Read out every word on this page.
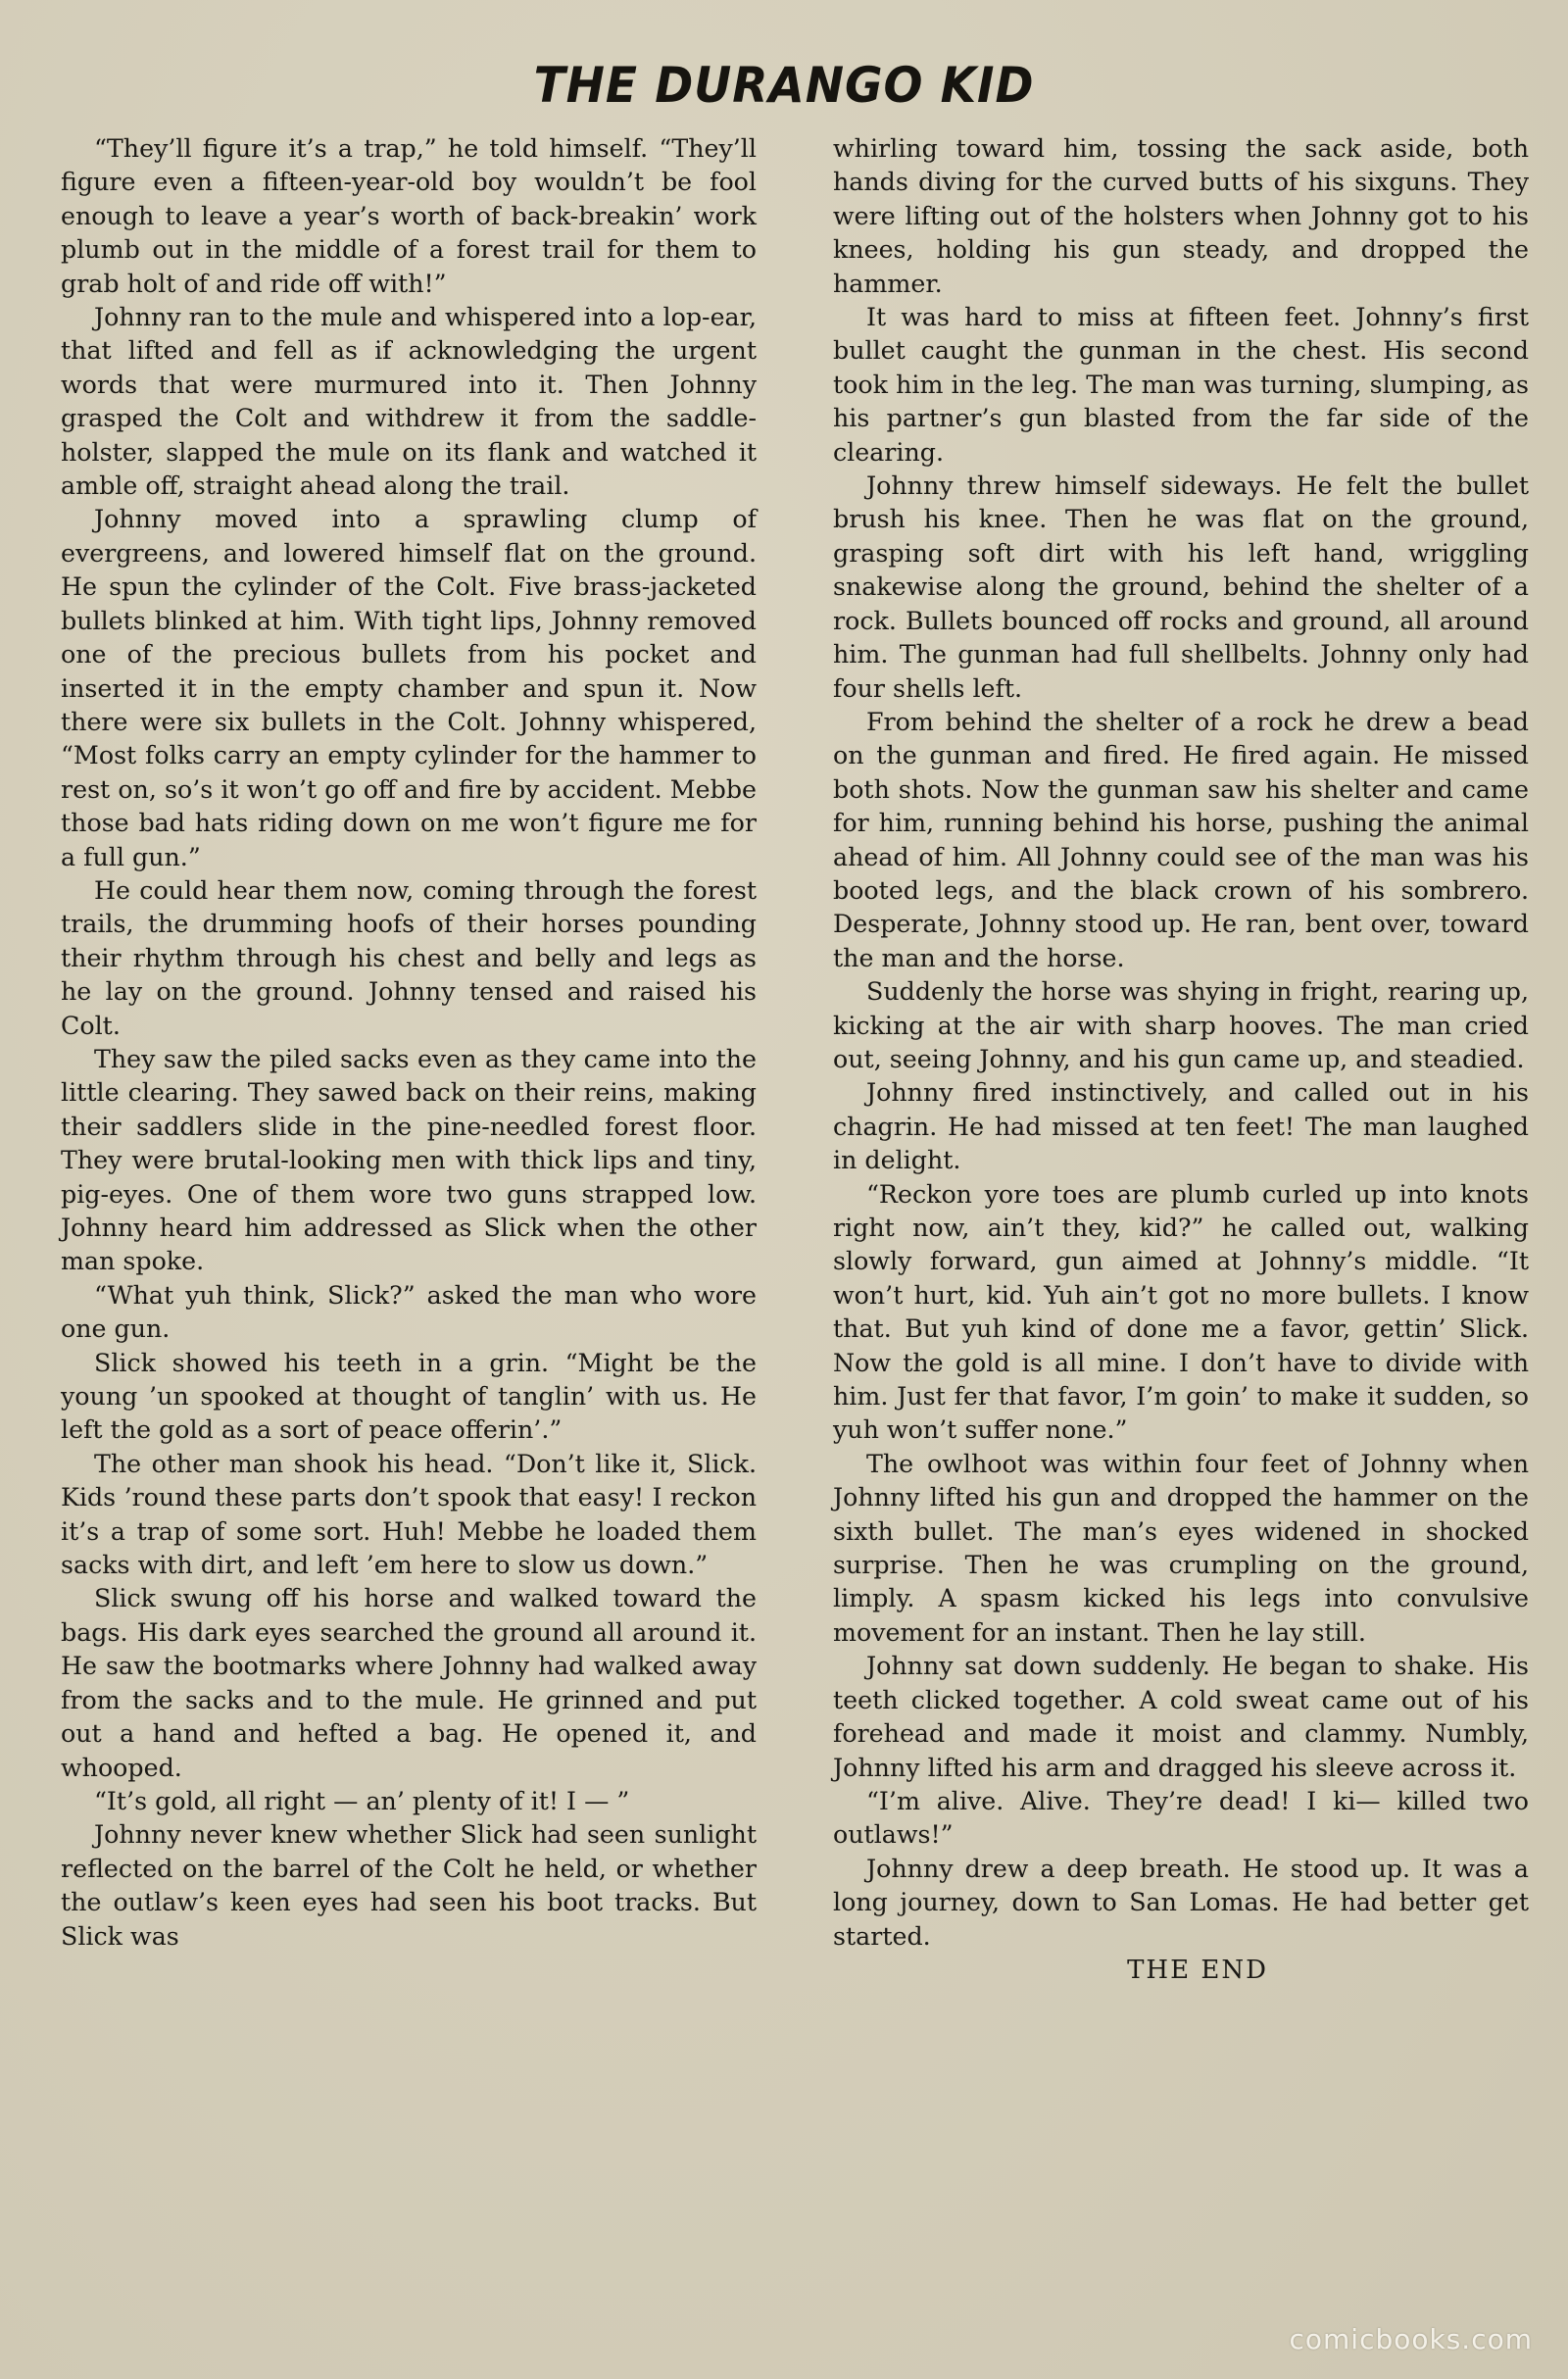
THE DURANGO KID

“They’ll figure it’s a trap,” he told himself. “They’ll figure even a fifteen-year-old boy wouldn’t be fool enough to leave a year’s worth of back-breakin’ work plumb out in the middle of a forest trail for them to grab holt of and ride off with!”

Johnny ran to the mule and whispered into a lop-ear, that lifted and fell as if acknowledging the urgent words that were murmured into it. Then Johnny grasped the Colt and withdrew it from the saddleholster, slapped the mule on its flank and watched it amble off, straight ahead along the trail.

Johnny moved into a sprawling clump of evergreens, and lowered himself flat on the ground. He spun the cylinder of the Colt. Five brass-jacketed bullets blinked at him. With tight lips, Johnny removed one of the precious bullets from his pocket and inserted it in the empty chamber and spun it. Now there were six bullets in the Colt. Johnny whispered, “Most folks carry an empty cylinder for the hammer to rest on, so’s it won’t go off and fire by accident. Mebbe those bad hats riding down on me won’t figure me for a full gun.”

He could hear them now, coming through the forest trails, the drumming hoofs of their horses pounding their rhythm through his chest and belly and legs as he lay on the ground. Johnny tensed and raised his Colt.

They saw the piled sacks even as they came into the little clearing. They sawed back on their reins, making their saddlers slide in the pine-needled forest floor. They were brutal-looking men with thick lips and tiny, pig-eyes. One of them wore two guns strapped low. Johnny heard him addressed as Slick when the other man spoke.

“What yuh think, Slick?” asked the man who wore one gun.

Slick showed his teeth in a grin. “Might be the young ’un spooked at thought of tanglin’ with us. He left the gold as a sort of peace offerin’.”

The other man shook his head. “Don’t like it, Slick. Kids ’round these parts don’t spook that easy! I reckon it’s a trap of some sort. Huh! Mebbe he loaded them sacks with dirt, and left ’em here to slow us down.”

Slick swung off his horse and walked toward the bags. His dark eyes searched the ground all around it. He saw the bootmarks where Johnny had walked away from the sacks and to the mule. He grinned and put out a hand and hefted a bag. He opened it, and whooped.

“It’s gold, all right — an’ plenty of it! I — ”

Johnny never knew whether Slick had seen sunlight reflected on the barrel of the Colt he held, or whether the outlaw’s keen eyes had seen his boot tracks. But Slick was

whirling toward him, tossing the sack aside, both hands diving for the curved butts of his sixguns. They were lifting out of the holsters when Johnny got to his knees, holding his gun steady, and dropped the hammer.

It was hard to miss at fifteen feet. Johnny’s first bullet caught the gunman in the chest. His second took him in the leg. The man was turning, slumping, as his partner’s gun blasted from the far side of the clearing.

Johnny threw himself sideways. He felt the bullet brush his knee. Then he was flat on the ground, grasping soft dirt with his left hand, wriggling snakewise along the ground, behind the shelter of a rock. Bullets bounced off rocks and ground, all around him. The gunman had full shellbelts. Johnny only had four shells left.

From behind the shelter of a rock he drew a bead on the gunman and fired. He fired again. He missed both shots. Now the gunman saw his shelter and came for him, running behind his horse, pushing the animal ahead of him. All Johnny could see of the man was his booted legs, and the black crown of his sombrero. Desperate, Johnny stood up. He ran, bent over, toward the man and the horse.

Suddenly the horse was shying in fright, rearing up, kicking at the air with sharp hooves. The man cried out, seeing Johnny, and his gun came up, and steadied.

Johnny fired instinctively, and called out in his chagrin. He had missed at ten feet! The man laughed in delight.

“Reckon yore toes are plumb curled up into knots right now, ain’t they, kid?” he called out, walking slowly forward, gun aimed at Johnny’s middle. “It won’t hurt, kid. Yuh ain’t got no more bullets. I know that. But yuh kind of done me a favor, gettin’ Slick. Now the gold is all mine. I don’t have to divide with him. Just fer that favor, I’m goin’ to make it sudden, so yuh won’t suffer none.”

The owlhoot was within four feet of Johnny when Johnny lifted his gun and dropped the hammer on the sixth bullet. The man’s eyes widened in shocked surprise. Then he was crumpling on the ground, limply. A spasm kicked his legs into convulsive movement for an instant. Then he lay still.

Johnny sat down suddenly. He began to shake. His teeth clicked together. A cold sweat came out of his forehead and made it moist and clammy. Numbly, Johnny lifted his arm and dragged his sleeve across it.

“I’m alive. Alive. They’re dead! I ki— killed two outlaws!”

Johnny drew a deep breath. He stood up. It was a long journey, down to San Lomas. He had better get started.

THE END

comicbooks.com
